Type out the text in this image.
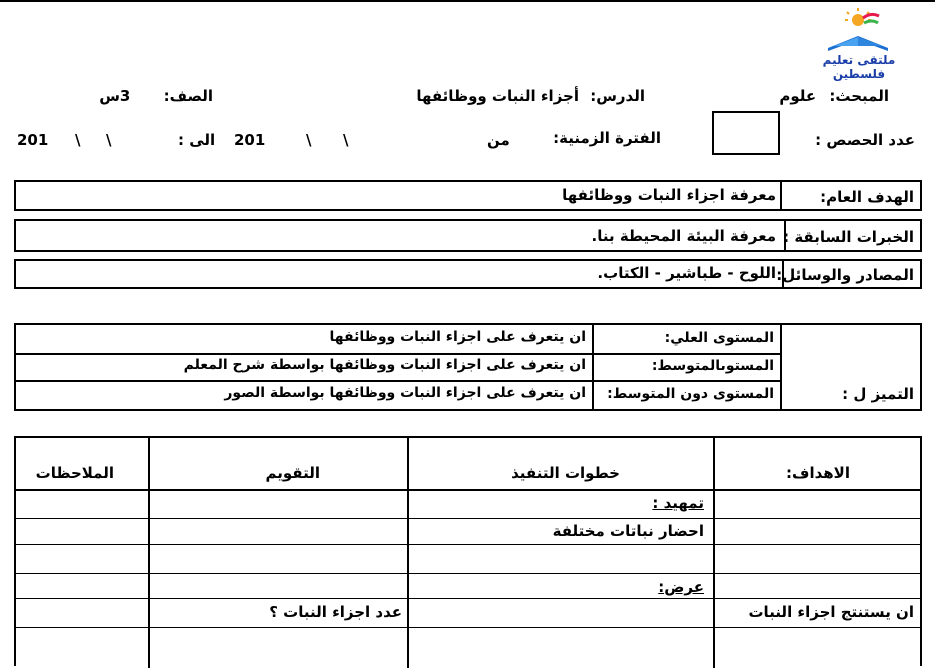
ملتقى تعليم فلسطين
المبحث: علوم
الدرس: أجزاء النبات ووظائفها
الصف: 3س
عدد الحصص :
الفترة الزمنية:
من
\
\
201
الى :
\
\
201
الهدف العام:
معرفة اجزاء النبات ووظائفها
الخبرات السابقة :
معرفة البيئة المحيطة بنا.
المصادر والوسائل:
اللوح - طباشير - الكتاب.
التميز ل :
المستوى العلي:
ان يتعرف على اجزاء النبات ووظائفها
المستوىالمتوسط:
ان يتعرف على اجزاء النبات ووظائفها بواسطة شرح المعلم
المستوى دون المتوسط:
ان يتعرف على اجزاء النبات ووظائفها بواسطة الصور
الاهداف:
خطوات التنفيذ
التقويم
الملاحظات
تمهيد :
احضار نباتات مختلفة
عرض:
ان يستنتج اجزاء النبات
عدد اجزاء النبات ؟
